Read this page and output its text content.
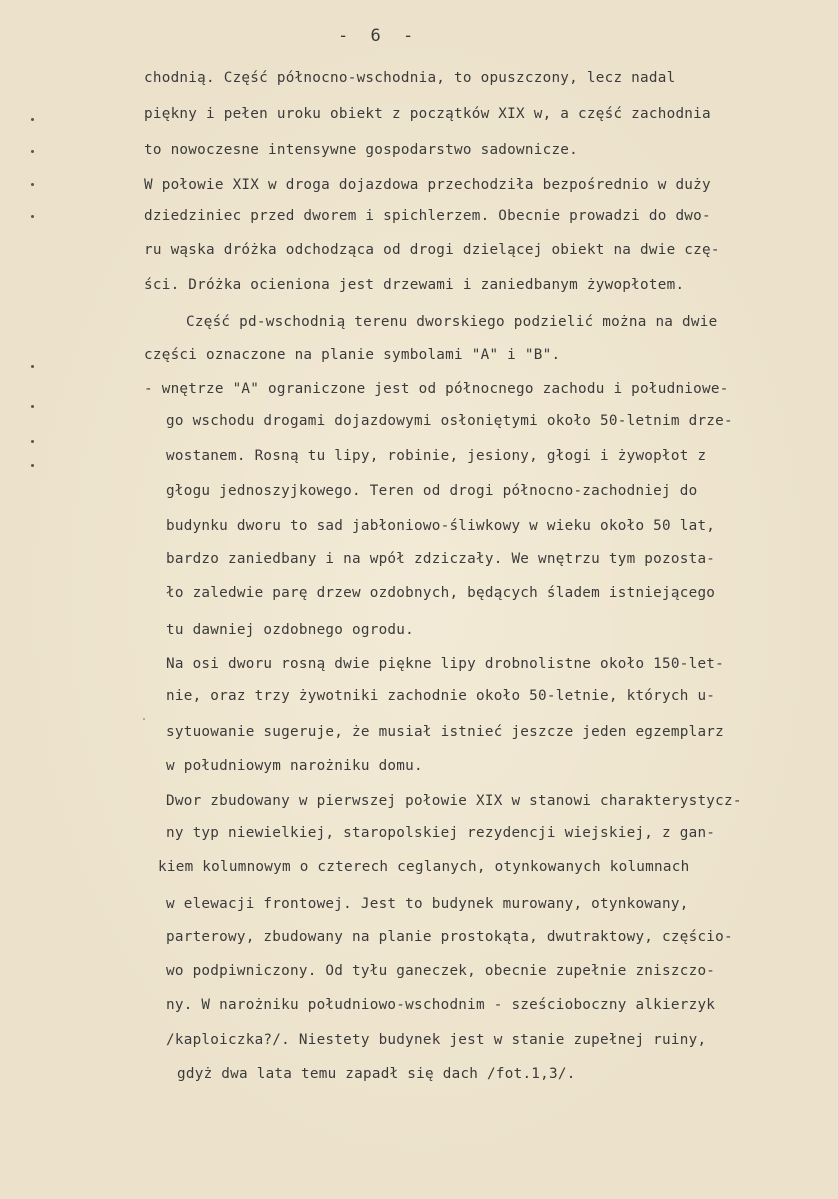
- 6 -
chodnią. Część północno-wschodnia, to opuszczony, lecz nadal
piękny i pełen uroku obiekt z początków XIX w, a część zachodnia
to nowoczesne intensywne gospodarstwo sadownicze.
W połowie XIX w droga dojazdowa przechodziła bezpośrednio w duży
dziedziniec przed dworem i spichlerzem. Obecnie prowadzi do dwo-
ru wąska dróżka odchodząca od drogi dzielącej obiekt na dwie czę-
ści. Dróżka ocieniona jest drzewami i zaniedbanym żywopłotem.
Część pd-wschodnią terenu dworskiego podzielić można na dwie
części oznaczone na planie symbolami "A" i "B".
- wnętrze "A" ograniczone jest od północnego zachodu i południowe-
go wschodu drogami dojazdowymi osłoniętymi około 50-letnim drze-
wostanem. Rosną tu lipy, robinie, jesiony, głogi i żywopłot z
głogu jednoszyjkowego. Teren od drogi północno-zachodniej do
budynku dworu to sad jabłoniowo-śliwkowy w wieku około 50 lat,
bardzo zaniedbany i na wpół zdziczały. We wnętrzu tym pozosta-
ło zaledwie parę drzew ozdobnych, będących śladem istniejącego
tu dawniej ozdobnego ogrodu.
Na osi dworu rosną dwie piękne lipy drobnolistne około 150-let-
nie, oraz trzy żywotniki zachodnie około 50-letnie, których u-
sytuowanie sugeruje, że musiał istnieć jeszcze jeden egzemplarz
w południowym narożniku domu.
Dwor zbudowany w pierwszej połowie XIX w stanowi charakterystycz-
ny typ niewielkiej, staropolskiej rezydencji wiejskiej, z gan-
kiem kolumnowym o czterech ceglanych, otynkowanych kolumnach
w elewacji frontowej. Jest to budynek murowany, otynkowany,
parterowy, zbudowany na planie prostokąta, dwutraktowy, częścio-
wo podpiwniczony. Od tyłu ganeczek, obecnie zupełnie zniszczo-
ny. W narożniku południowo-wschodnim - sześcioboczny alkierzyk
/kaploiczka?/. Niestety budynek jest w stanie zupełnej ruiny,
gdyż dwa lata temu zapadł się dach /fot.1,3/.
